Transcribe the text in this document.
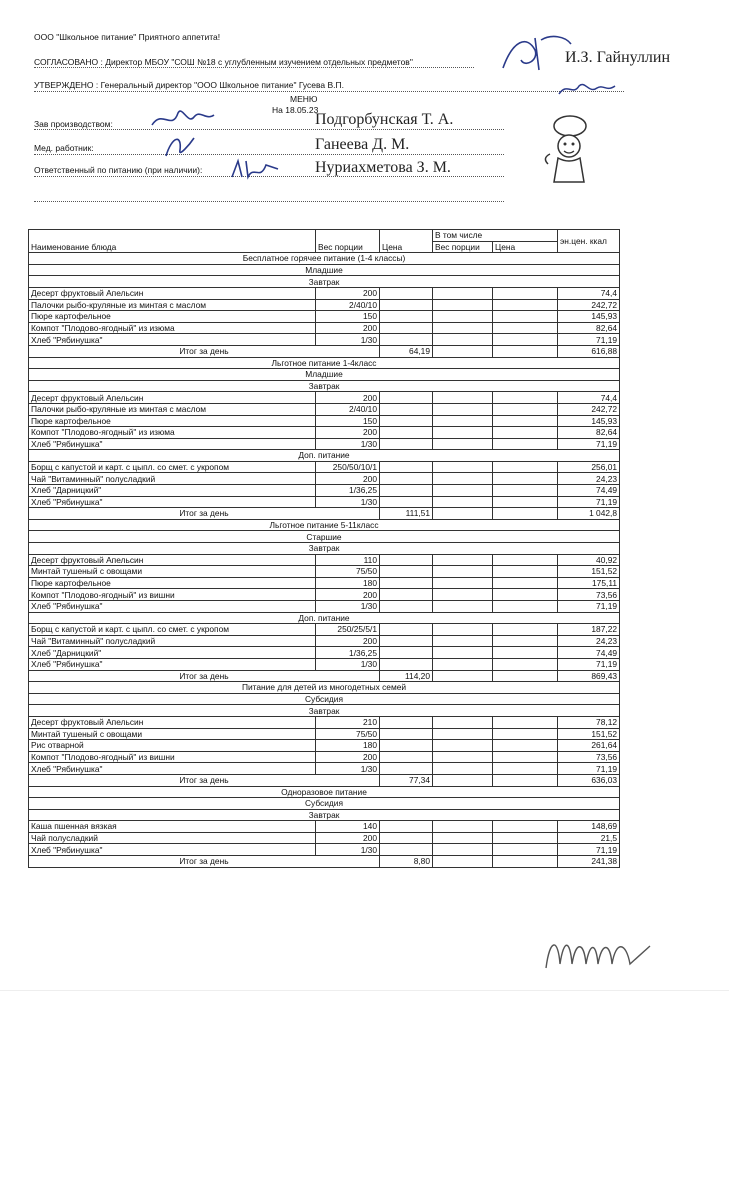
ООО "Школьное питание" Приятного аппетита!
СОГЛАСОВАНО : Директор МБОУ "СОШ №18 с углубленным изучением отдельных предметов"	И.З. Гайнуллин
УТВЕРЖДЕНО : Генеральный директор "ООО Школьное питание" Гусева В.П.
МЕНЮ
На 18.05.23
Зав производством:	Подгорбунская Т. А.
Мед. работник:	Ганеева Д. М.
Ответственный по питанию (при наличии):	Нуриахметова З. М.
Наименование блюда	Вес порции	Цена	В том числе		эн.цен. ккал
			Вес порции	Цена	
Бесплатное горячее питание (1-4 классы)					
Младшие					
Завтрак					
Десерт фруктовый Апельсин	200				74,4
Палочки рыбо-круляные из минтая с маслом	2/40/10				242,72
Пюре картофельное	150				145,93
Компот "Плодово-ягодный" из изюма	200				82,64
Хлеб "Рябинушка"	1/30				71,19
Итог за день		64,19			616,88
Льготное питание 1-4класс					
Младшие					
Завтрак					
Десерт фруктовый Апельсин	200				74,4
Палочки рыбо-круляные из минтая с маслом	2/40/10				242,72
Пюре картофельное	150				145,93
Компот "Плодово-ягодный" из изюма	200				82,64
Хлеб "Рябинушка"	1/30				71,19
Доп. питание					
Борщ с капустой и карт. с цыпл. со смет. с укропом	250/50/10/1				256,01
Чай "Витаминный" полусладкий	200				24,23
Хлеб "Дарницкий"	1/36,25				74,49
Хлеб "Рябинушка"	1/30				71,19
Итог за день		111,51			1 042,8
Льготное питание 5-11класс					
Старшие					
Завтрак					
Десерт фруктовый Апельсин	110				40,92
Минтай тушеный с овощами	75/50				151,52
Пюре картофельное	180				175,11
Компот "Плодово-ягодный" из вишни	200				73,56
Хлеб "Рябинушка"	1/30				71,19
Доп. питание					
Борщ с капустой и карт. с цыпл. со смет. с укропом	250/25/5/1				187,22
Чай "Витаминный" полусладкий	200				24,23
Хлеб "Дарницкий"	1/36,25				74,49
Хлеб "Рябинушка"	1/30				71,19
Итог за день		114,20			869,43
Питание для детей из многодетных семей					
Субсидия					
Завтрак					
Десерт фруктовый Апельсин	210				78,12
Минтай тушеный с овощами	75/50				151,52
Рис отварной	180				261,64
Компот "Плодово-ягодный" из вишни	200				73,56
Хлеб "Рябинушка"	1/30				71,19
Итог за день		77,34			636,03
Одноразовое питание					
Субсидия					
Завтрак					
Каша пшенная вязкая	140				148,69
Чай полусладкий	200				21,5
Хлеб "Рябинушка"	1/30				71,19
Итог за день		8,80			241,38
